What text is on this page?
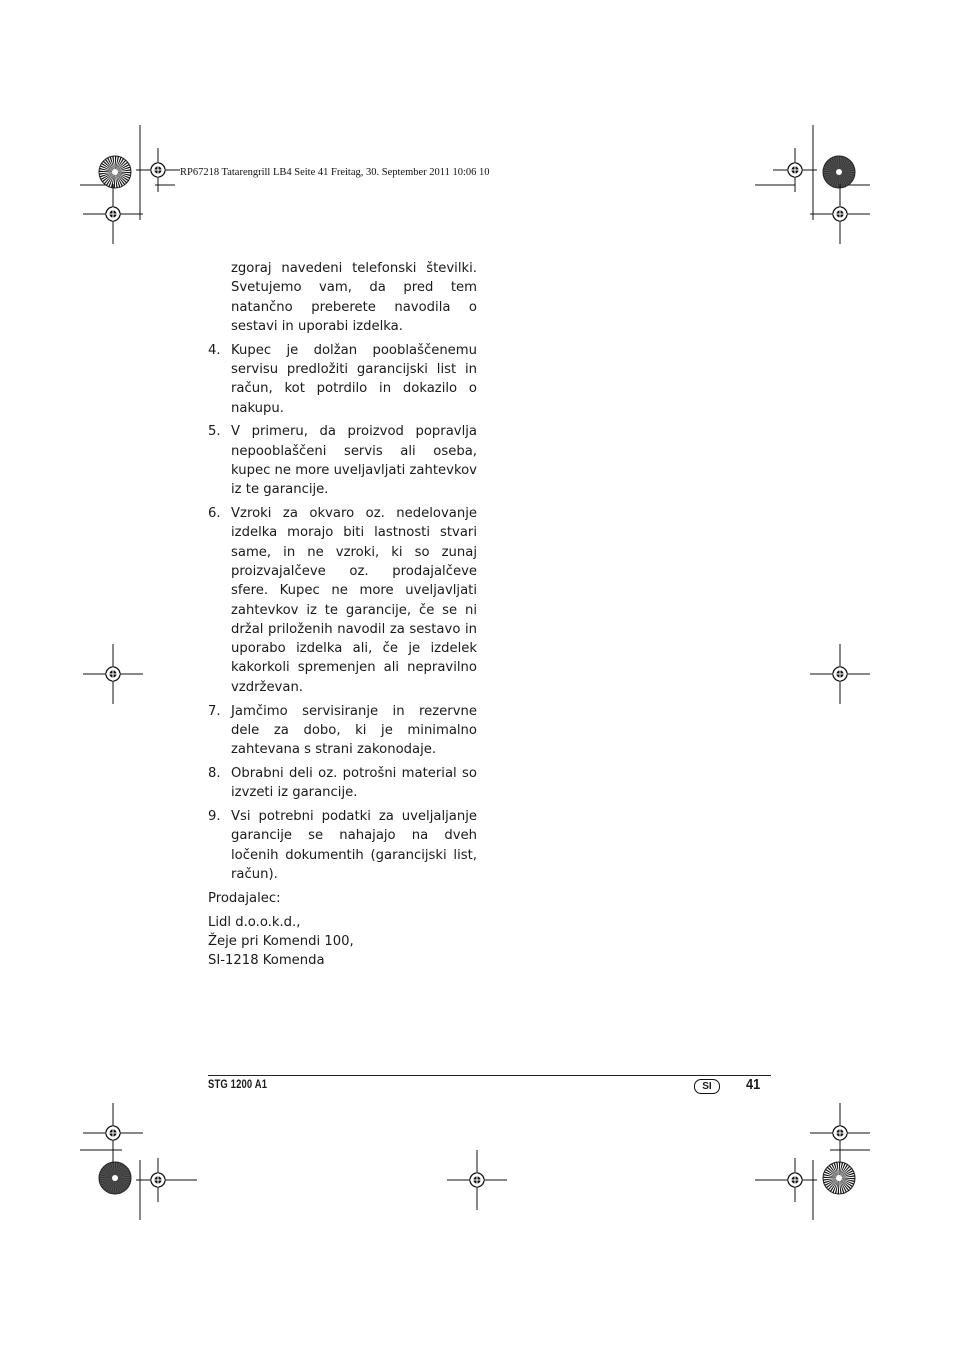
RP67218 Tatarengrill LB4 Seite 41 Freitag, 30. September 2011 10:06 10

zgoraj navedeni telefonski številki. Svetujemo vam, da pred tem natančno preberete navodila o sestavi in uporabi izdelka.

4. Kupec je dolžan pooblaščenemu servisu predložiti garancijski list in račun, kot potrdilo in dokazilo o nakupu.
5. V primeru, da proizvod popravlja nepooblaščeni servis ali oseba, kupec ne more uveljavljati zahtevkov iz te garancije.
6. Vzroki za okvaro oz. nedelovanje izdelka morajo biti lastnosti stvari same, in ne vzroki, ki so zunaj proizvajalčeve oz. prodajalčeve sfere. Kupec ne more uveljavljati zahtevkov iz te garancije, če se ni držal priloženih navodil za sestavo in uporabo izdelka ali, če je izdelek kakorkoli spremenjen ali nepravilno vzdrževan.
7. Jamčimo servisiranje in rezervne dele za dobo, ki je minimalno zahtevana s strani zakonodaje.
8. Obrabni deli oz. potrošni material so izvzeti iz garancije.
9. Vsi potrebni podatki za uveljaljanje garancije se nahajajo na dveh ločenih dokumentih (garancijski list, račun).
Prodajalec:
Lidl d.o.o.k.d.,
Žeje pri Komendi 100,
SI-1218 Komenda
STG 1200 A1	SI	41
